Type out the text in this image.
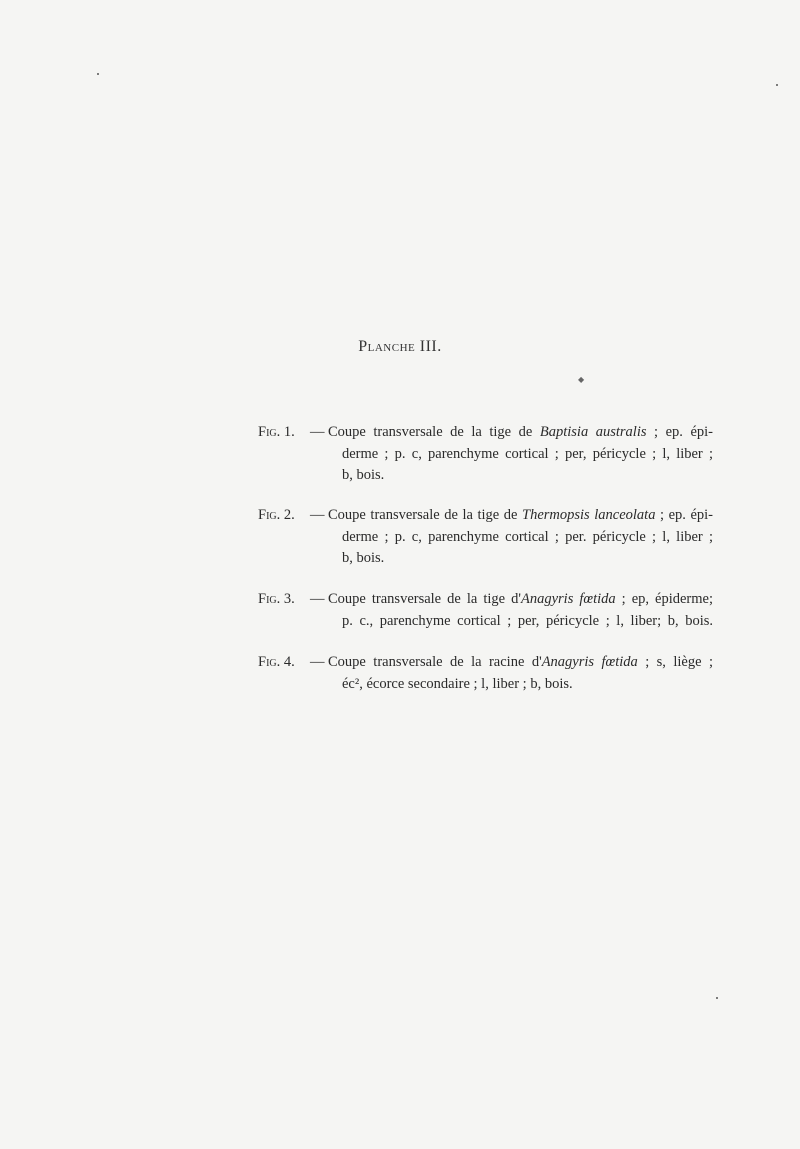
Planche III.
◆
Fig. 1. — Coupe transversale de la tige de Baptisia australis ; ep. épi-
derme ; p. c, parenchyme cortical ; per, péricycle ; l, liber ;
b, bois.
Fig. 2. — Coupe transversale de la tige de Thermopsis lanceolata ; ep. épi-
derme ; p. c, parenchyme cortical ; per. péricycle ; l, liber ;
b, bois.
Fig. 3. — Coupe transversale de la tige d'Anagyris fœtida ; ep, épiderme;
p. c., parenchyme cortical ; per, péricycle ; l, liber; b, bois.
Fig. 4. — Coupe transversale de la racine d'Anagyris fœtida ; s, liège ;
éc², écorce secondaire ; l, liber ; b, bois.
